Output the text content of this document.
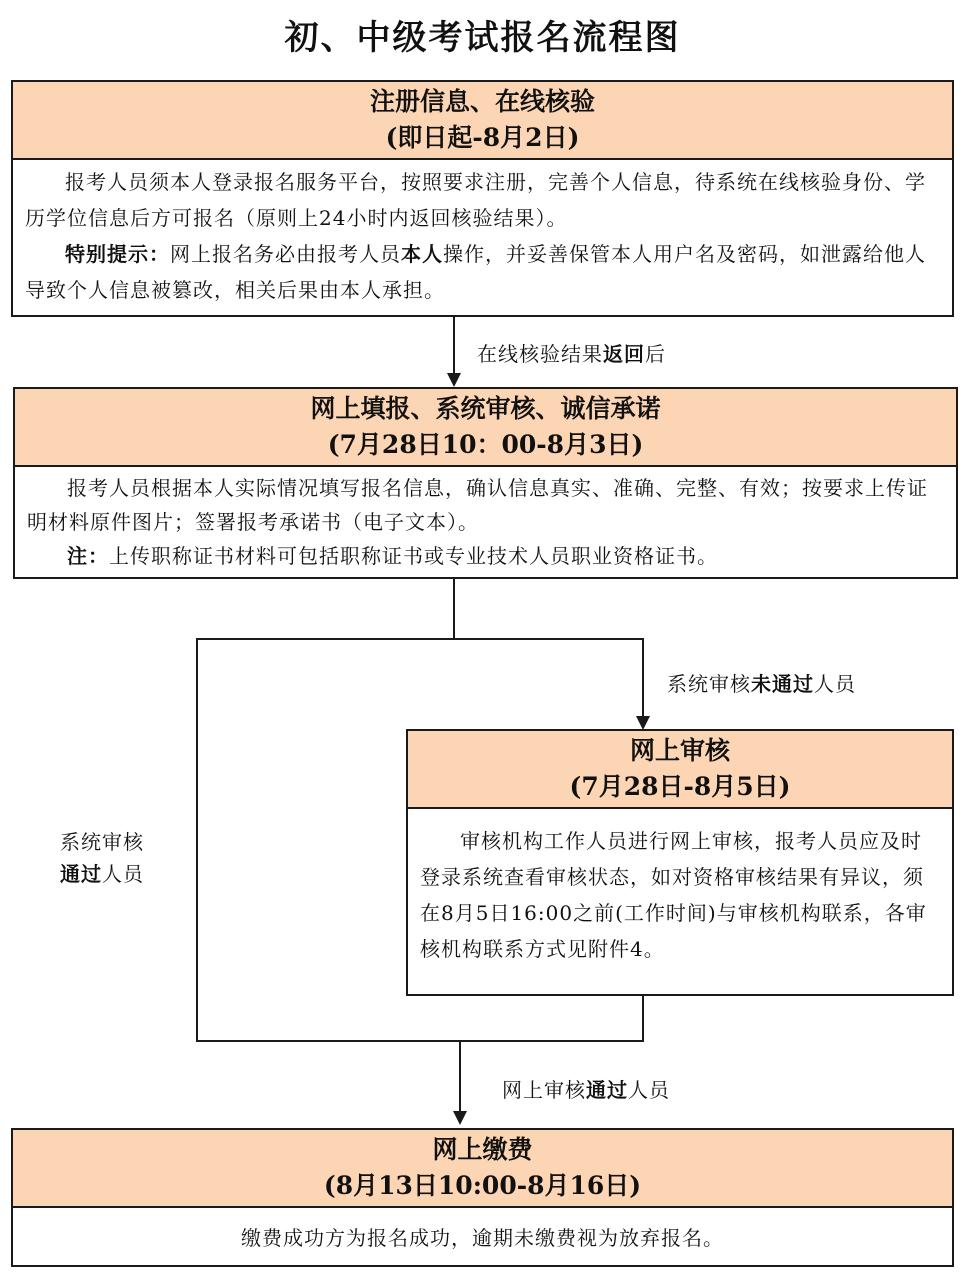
初、中级考试报名流程图
注册信息、在线核验
(即日起-8月2日)
报考人员须本人登录报名服务平台，按照要求注册，完善个人信息，待系统在线核验身份、学历学位信息后方可报名（原则上24小时内返回核验结果）。
特别提示：网上报名务必由报考人员本人操作，并妥善保管本人用户名及密码，如泄露给他人导致个人信息被篡改，相关后果由本人承担。
在线核验结果返回后
网上填报、系统审核、诚信承诺
(7月28日10：00-8月3日)
报考人员根据本人实际情况填写报名信息，确认信息真实、准确、完整、有效；按要求上传证明材料原件图片；签署报考承诺书（电子文本）。
注：上传职称证书材料可包括职称证书或专业技术人员职业资格证书。
系统审核未通过人员
系统审核
通过人员
网上审核
(7月28日-8月5日)
审核机构工作人员进行网上审核，报考人员应及时登录系统查看审核状态，如对资格审核结果有异议，须在8月5日16:00之前(工作时间)与审核机构联系，各审核机构联系方式见附件4。
网上审核通过人员
网上缴费
(8月13日10:00-8月16日)
缴费成功方为报名成功，逾期未缴费视为放弃报名。
